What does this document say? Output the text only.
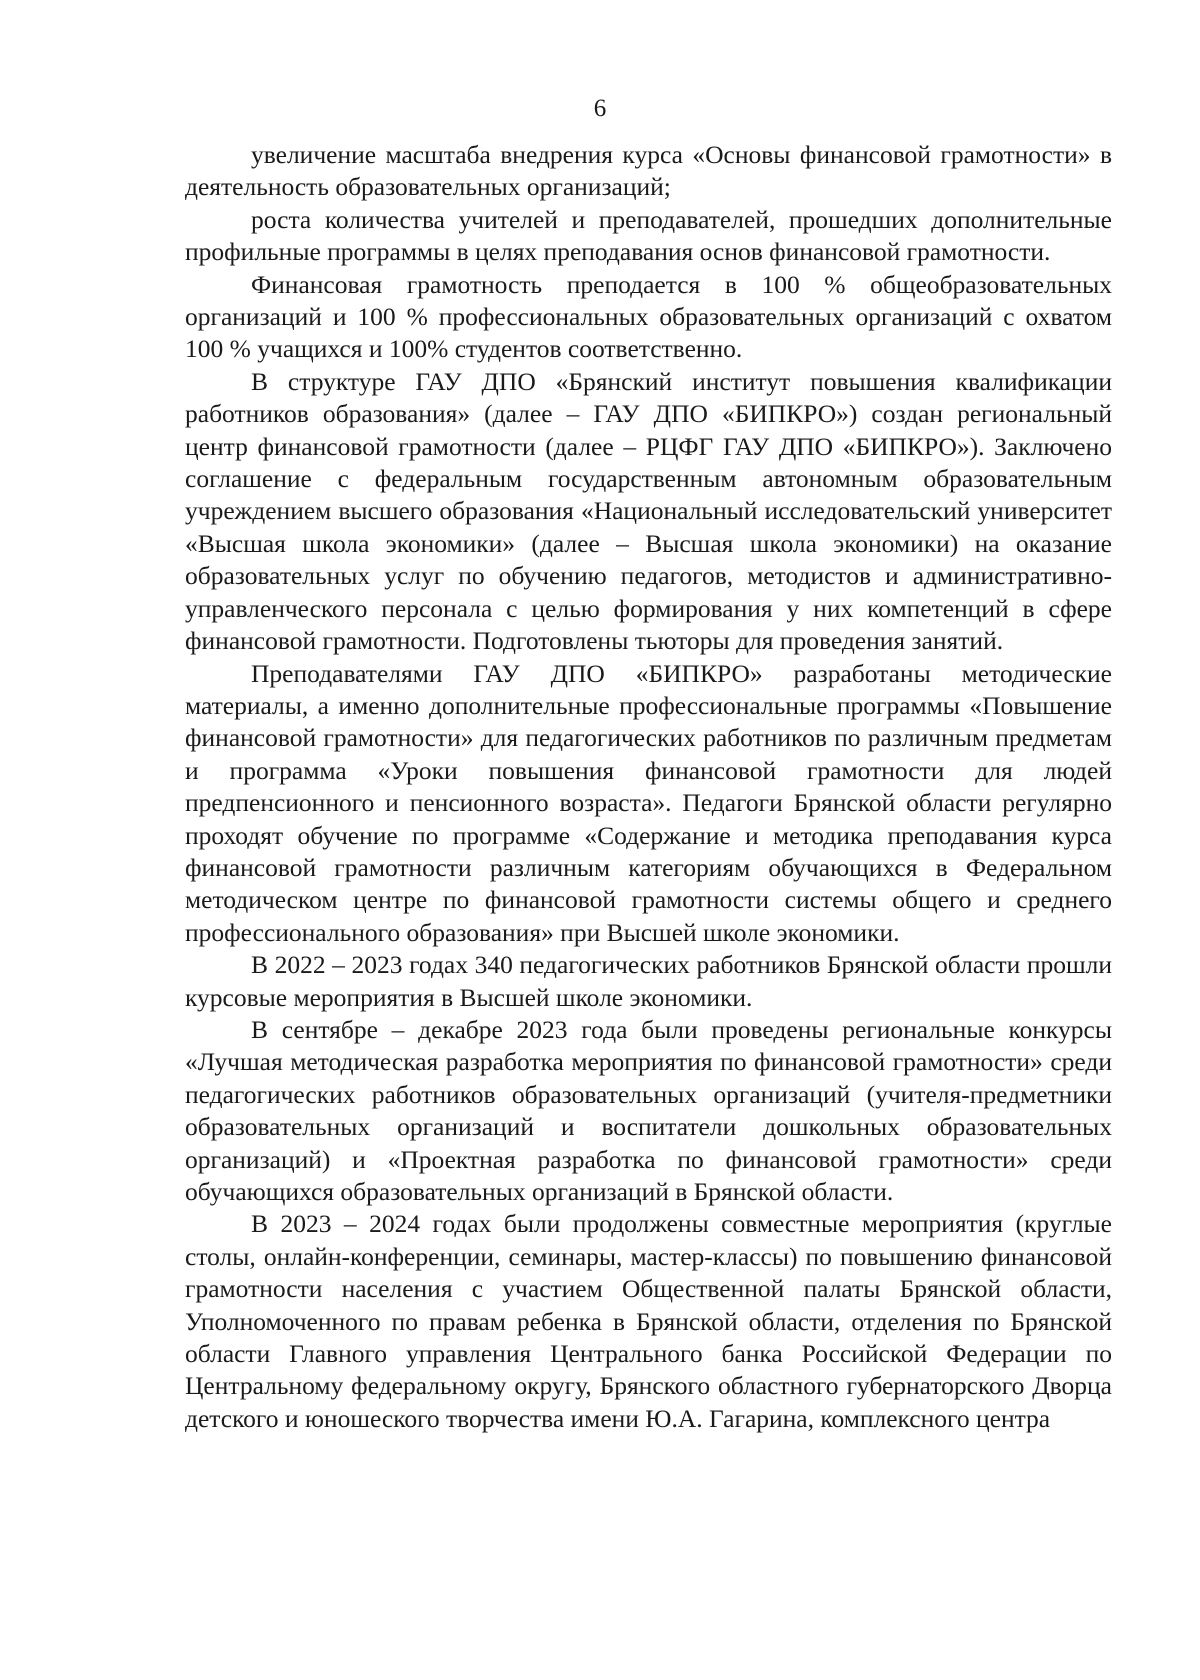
6

увеличение масштаба внедрения курса «Основы финансовой грамотности» в деятельность образовательных организаций;

роста количества учителей и преподавателей, прошедших дополнительные профильные программы в целях преподавания основ финансовой грамотности.

Финансовая грамотность преподается в 100 % общеобразовательных организаций и 100 % профессиональных образовательных организаций с охватом 100 % учащихся и 100% студентов соответственно.

В структуре ГАУ ДПО «Брянский институт повышения квалификации работников образования» (далее – ГАУ ДПО «БИПКРО») создан региональный центр финансовой грамотности (далее – РЦФГ ГАУ ДПО «БИПКРО»). Заключено соглашение с федеральным государственным автономным образовательным учреждением высшего образования «Национальный исследовательский университет «Высшая школа экономики» (далее – Высшая школа экономики) на оказание образовательных услуг по обучению педагогов, методистов и административно-управленческого персонала с целью формирования у них компетенций в сфере финансовой грамотности. Подготовлены тьюторы для проведения занятий.

Преподавателями ГАУ ДПО «БИПКРО» разработаны методические материалы, а именно дополнительные профессиональные программы «Повышение финансовой грамотности» для педагогических работников по различным предметам и программа «Уроки повышения финансовой грамотности для людей предпенсионного и пенсионного возраста». Педагоги Брянской области регулярно проходят обучение по программе «Содержание и методика преподавания курса финансовой грамотности различным категориям обучающихся в Федеральном методическом центре по финансовой грамотности системы общего и среднего профессионального образования» при Высшей школе экономики.

В 2022 – 2023 годах 340 педагогических работников Брянской области прошли курсовые мероприятия в Высшей школе экономики.

В сентябре – декабре 2023 года были проведены региональные конкурсы «Лучшая методическая разработка мероприятия по финансовой грамотности» среди педагогических работников образовательных организаций (учителя-предметники образовательных организаций и воспитатели дошкольных образовательных организаций) и «Проектная разработка по финансовой грамотности» среди обучающихся образовательных организаций в Брянской области.

В 2023 – 2024 годах были продолжены совместные мероприятия (круглые столы, онлайн-конференции, семинары, мастер-классы) по повышению финансовой грамотности населения с участием Общественной палаты Брянской области, Уполномоченного по правам ребенка в Брянской области, отделения по Брянской области Главного управления Центрального банка Российской Федерации по Центральному федеральному округу, Брянского областного губернаторского Дворца детского и юношеского творчества имени Ю.А. Гагарина, комплексного центра
